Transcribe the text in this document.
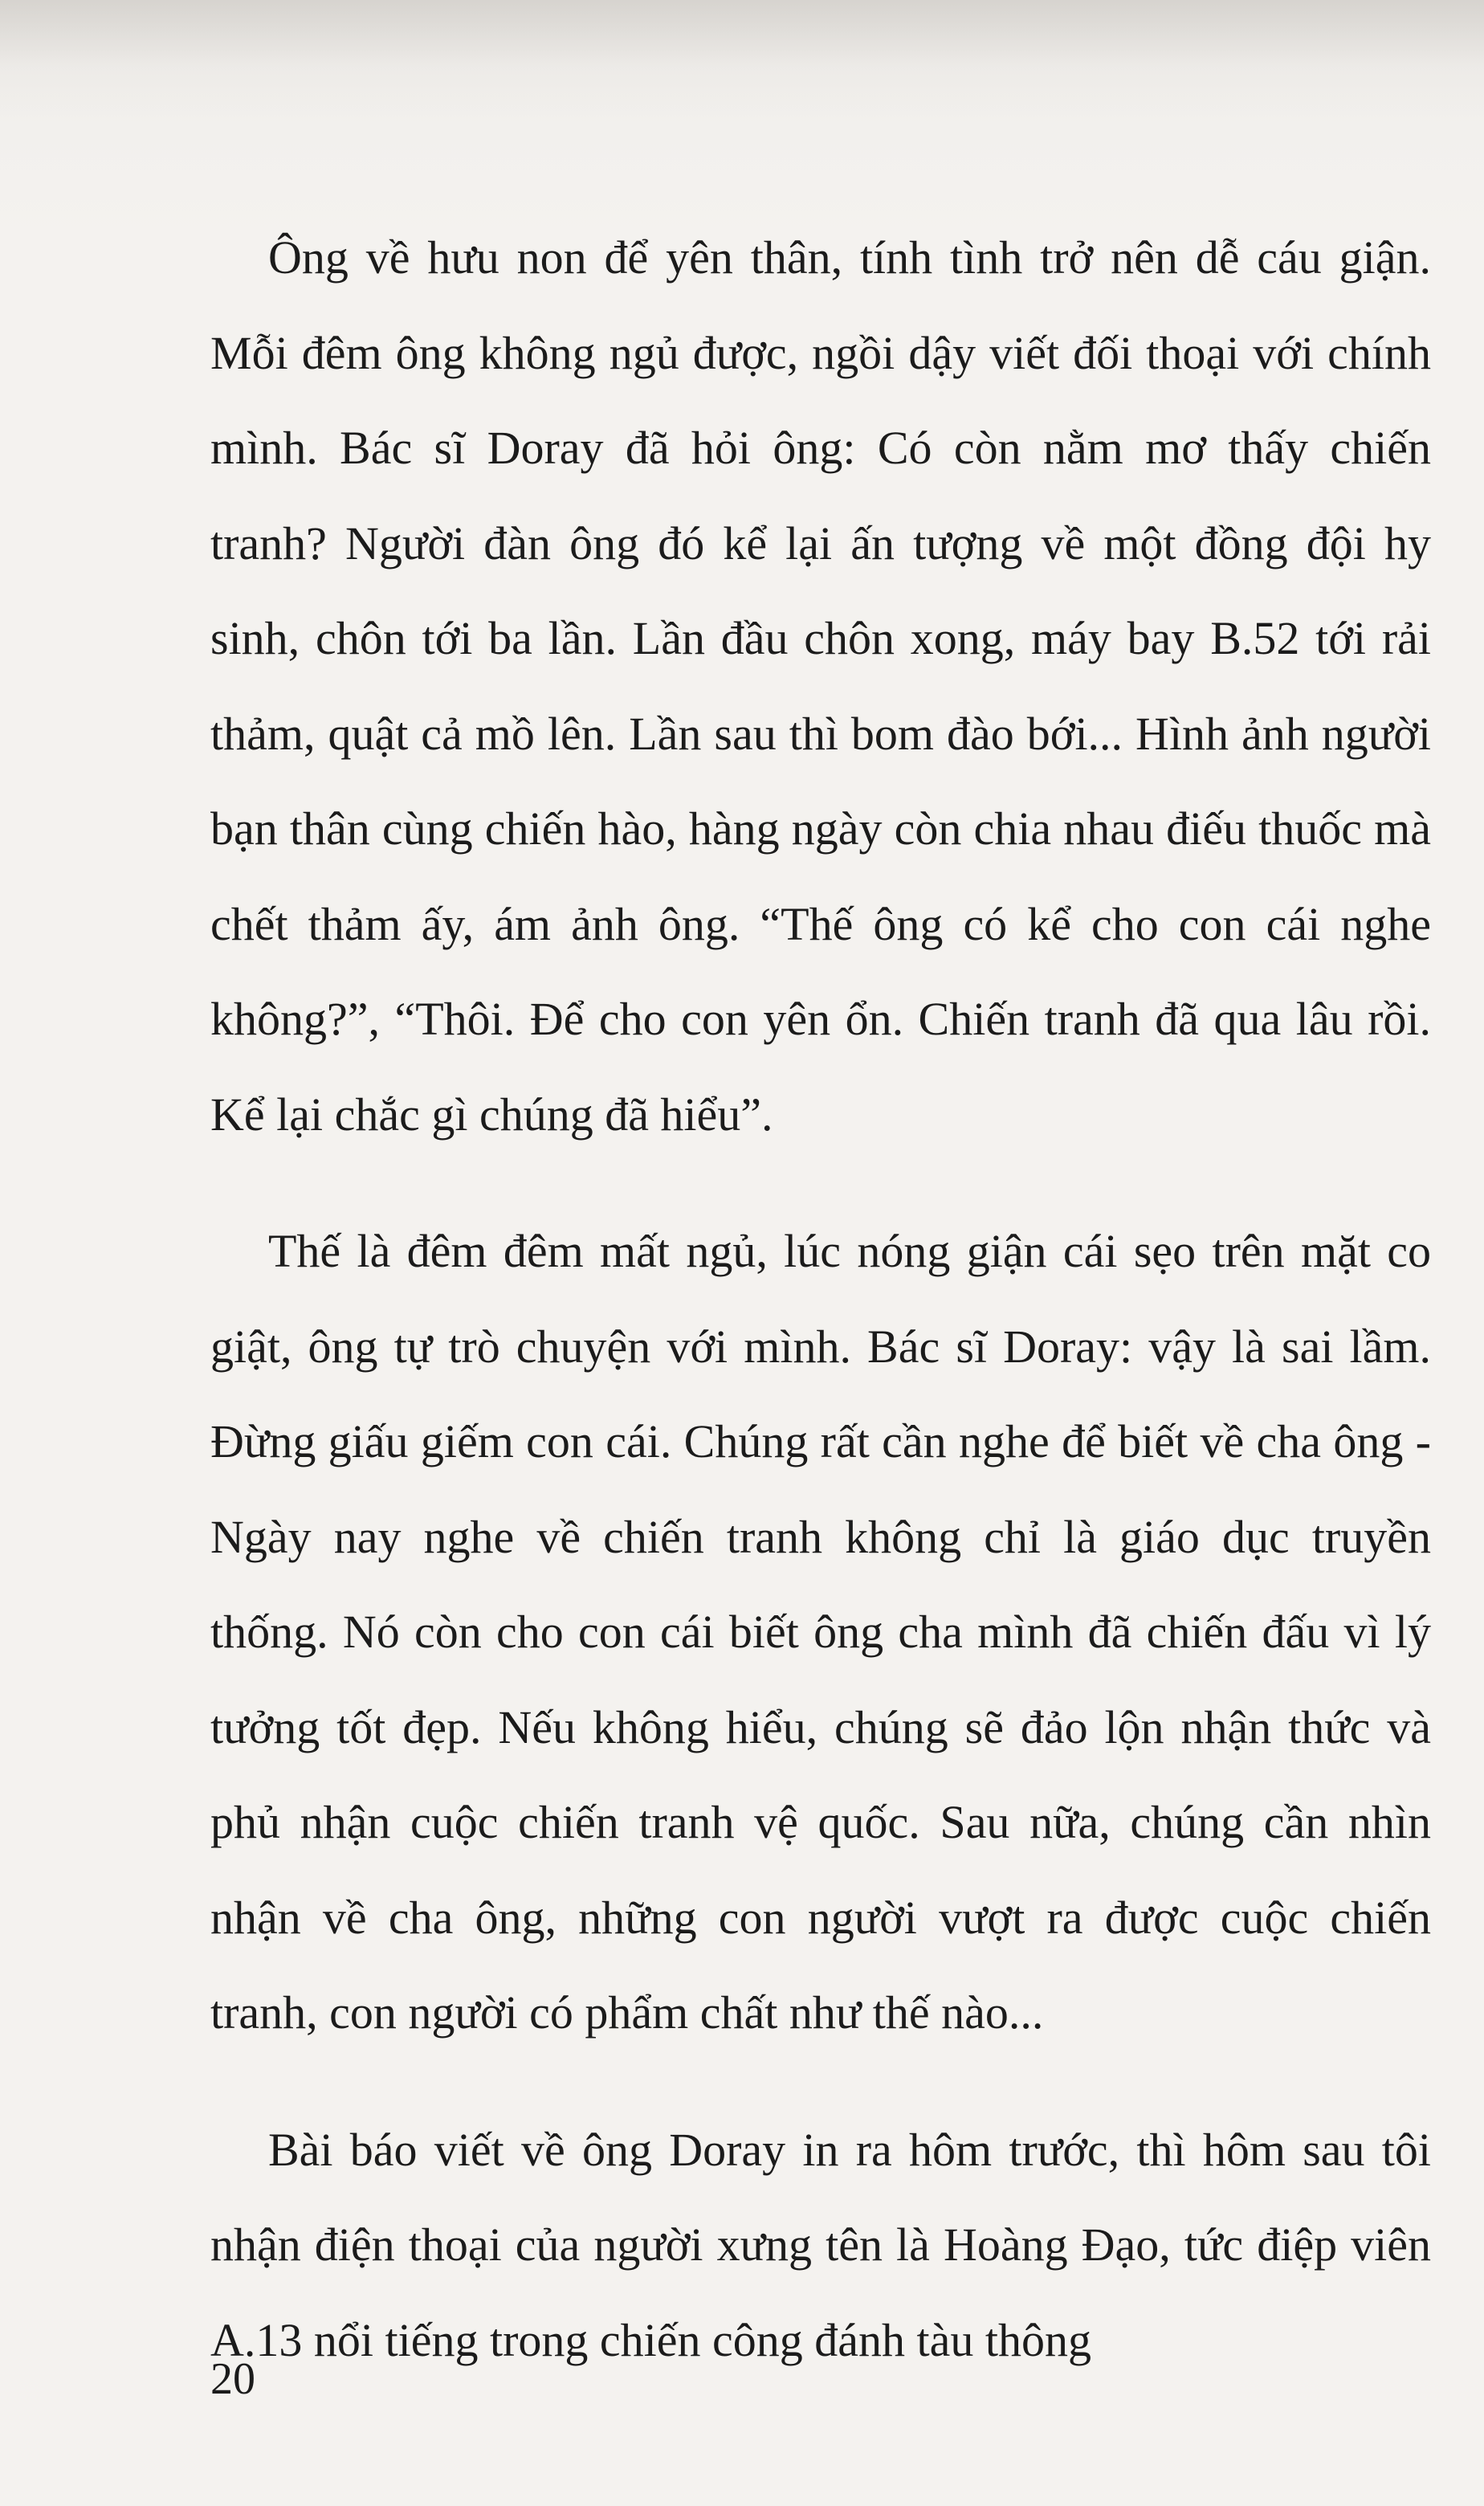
Ông về hưu non để yên thân, tính tình trở nên dễ cáu giận. Mỗi đêm ông không ngủ được, ngồi dậy viết đối thoại với chính mình. Bác sĩ Doray đã hỏi ông: Có còn nằm mơ thấy chiến tranh? Người đàn ông đó kể lại ấn tượng về một đồng đội hy sinh, chôn tới ba lần. Lần đầu chôn xong, máy bay B.52 tới rải thảm, quật cả mồ lên. Lần sau thì bom đào bới... Hình ảnh người bạn thân cùng chiến hào, hàng ngày còn chia nhau điếu thuốc mà chết thảm ấy, ám ảnh ông. “Thế ông có kể cho con cái nghe không?”, “Thôi. Để cho con yên ổn. Chiến tranh đã qua lâu rồi. Kể lại chắc gì chúng đã hiểu”.

Thế là đêm đêm mất ngủ, lúc nóng giận cái sẹo trên mặt co giật, ông tự trò chuyện với mình. Bác sĩ Doray: vậy là sai lầm. Đừng giấu giếm con cái. Chúng rất cần nghe để biết về cha ông - Ngày nay nghe về chiến tranh không chỉ là giáo dục truyền thống. Nó còn cho con cái biết ông cha mình đã chiến đấu vì lý tưởng tốt đẹp. Nếu không hiểu, chúng sẽ đảo lộn nhận thức và phủ nhận cuộc chiến tranh vệ quốc. Sau nữa, chúng cần nhìn nhận về cha ông, những con người vượt ra được cuộc chiến tranh, con người có phẩm chất như thế nào...

Bài báo viết về ông Doray in ra hôm trước, thì hôm sau tôi nhận điện thoại của người xưng tên là Hoàng Đạo, tức điệp viên A.13 nổi tiếng trong chiến công đánh tàu thông

20
